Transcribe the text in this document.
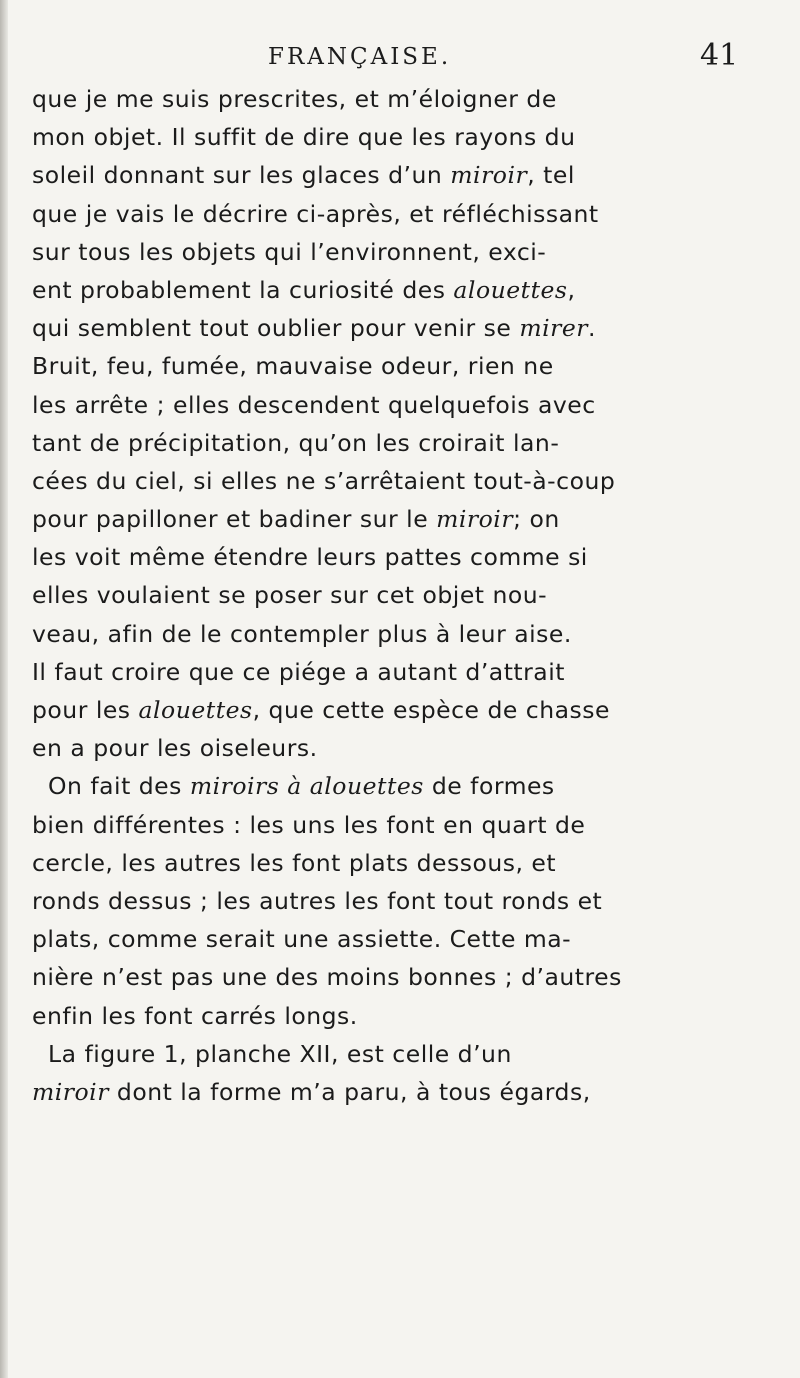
FRANÇAISE.	41
que je me suis prescrites, et m’éloigner de
mon objet. Il suffit de dire que les rayons du
soleil donnant sur les glaces d’un miroir, tel
que je vais le décrire ci-après, et réfléchissant
sur tous les objets qui l’environnent, exci-
ent probablement la curiosité des alouettes,
qui semblent tout oublier pour venir se mirer.
Bruit, feu, fumée, mauvaise odeur, rien ne
les arrête ; elles descendent quelquefois avec
tant de précipitation, qu’on les croirait lan-
cées du ciel, si elles ne s’arrêtaient tout-à-coup
pour papilloner et badiner sur le miroir; on
les voit même étendre leurs pattes comme si
elles voulaient se poser sur cet objet nou-
veau, afin de le contempler plus à leur aise.
Il faut croire que ce piége a autant d’attrait
pour les alouettes, que cette espèce de chasse
en a pour les oiseleurs.
On fait des miroirs à alouettes de formes
bien différentes : les uns les font en quart de
cercle, les autres les font plats dessous, et
ronds dessus ; les autres les font tout ronds et
plats, comme serait une assiette. Cette ma-
nière n’est pas une des moins bonnes ; d’autres
enfin les font carrés longs.
La figure 1, planche XII, est celle d’un
miroir dont la forme m’a paru, à tous égards,
